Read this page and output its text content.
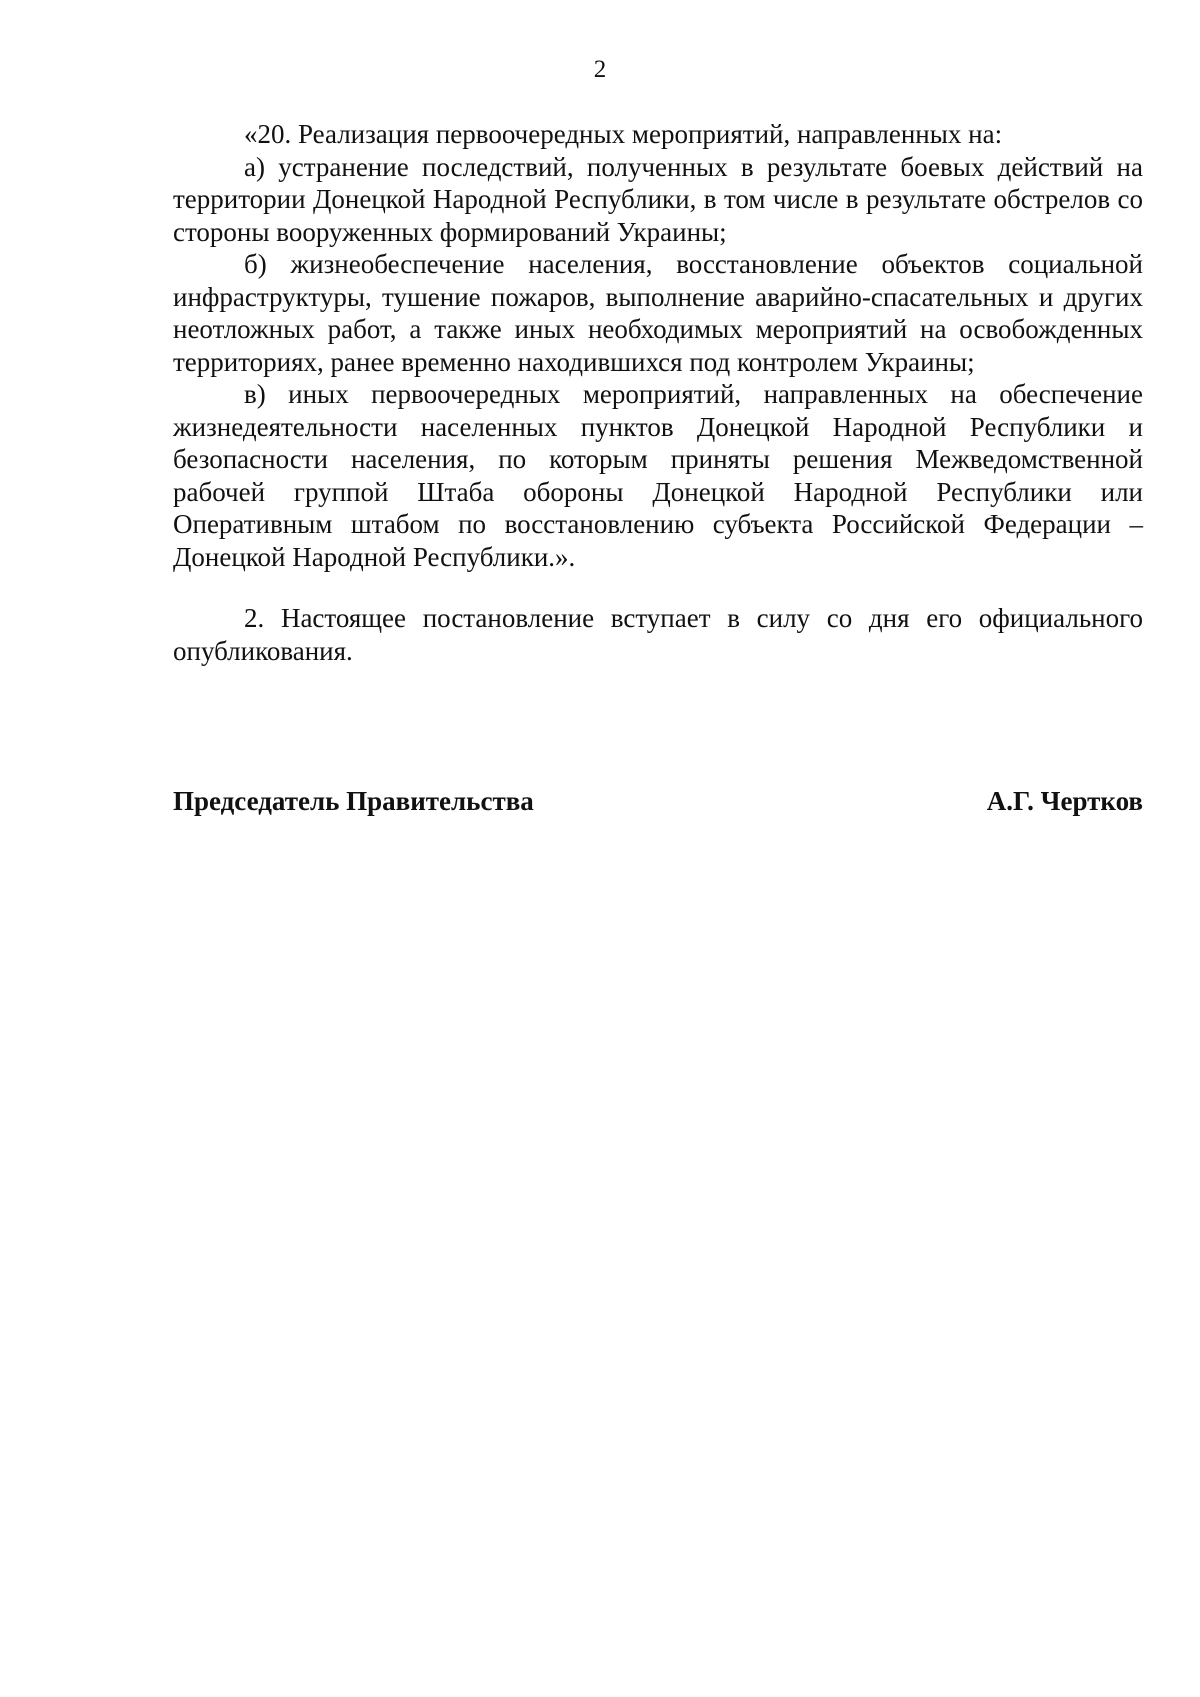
2

«20. Реализация первоочередных мероприятий, направленных на:

а) устранение последствий, полученных в результате боевых действий на территории Донецкой Народной Республики, в том числе в результате обстрелов со стороны вооруженных формирований Украины;

б) жизнеобеспечение населения, восстановление объектов социальной инфраструктуры, тушение пожаров, выполнение аварийно-спасательных и других неотложных работ, а также иных необходимых мероприятий на освобожденных территориях, ранее временно находившихся под контролем Украины;

в) иных первоочередных мероприятий, направленных на обеспечение жизнедеятельности населенных пунктов Донецкой Народной Республики и безопасности населения, по которым приняты решения Межведомственной рабочей группой Штаба обороны Донецкой Народной Республики или Оперативным штабом по восстановлению субъекта Российской Федерации – Донецкой Народной Республики.».

2. Настоящее постановление вступает в силу со дня его официального опубликования.

Председатель Правительства	А.Г. Чертков
